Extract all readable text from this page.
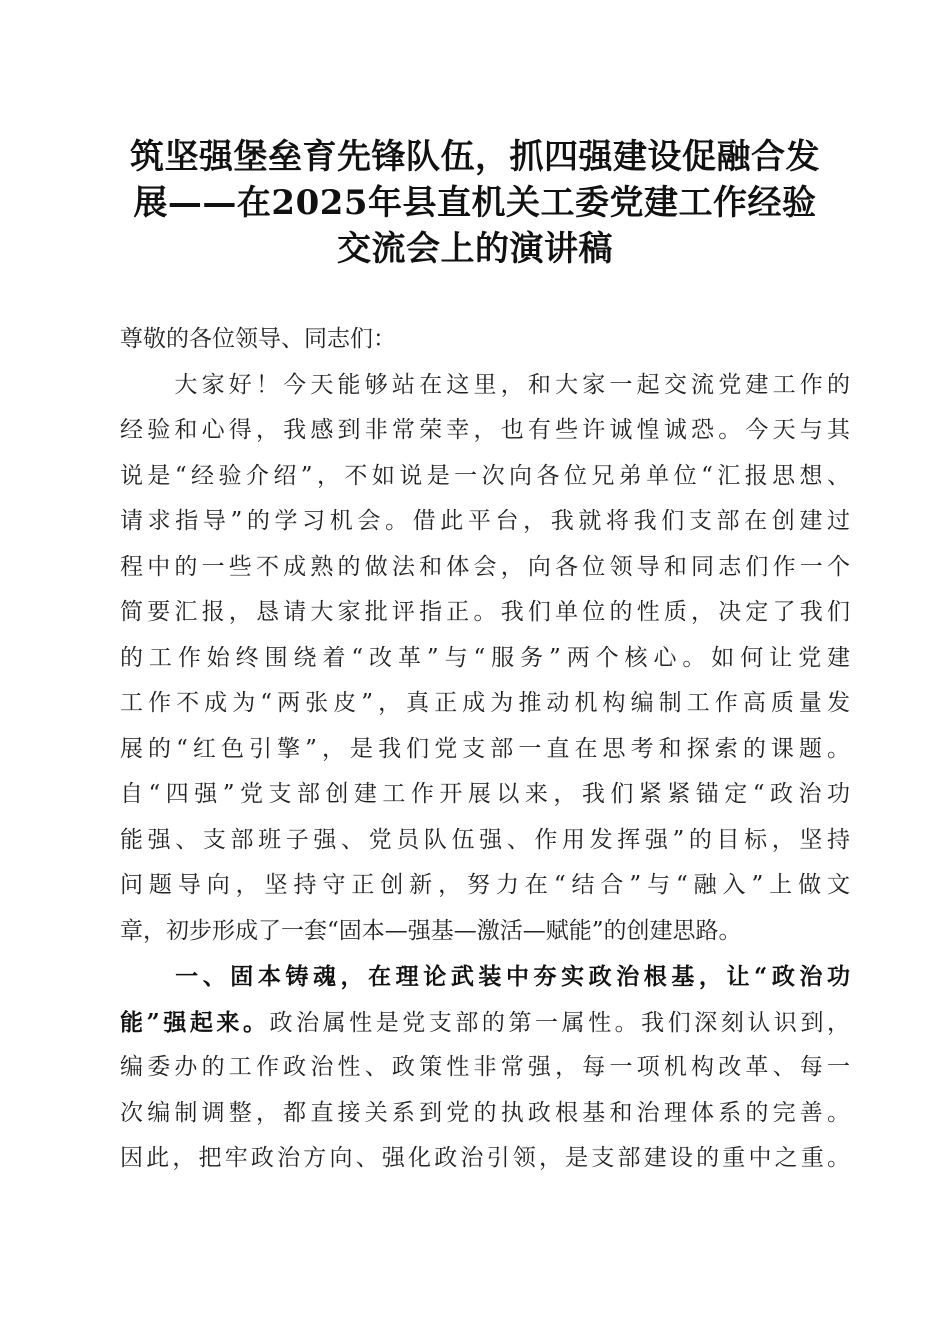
筑坚强堡垒育先锋队伍，抓四强建设促融合发
展——在2025年县直机关工委党建工作经验
交流会上的演讲稿
尊敬的各位领导、同志们：
　　大家好！今天能够站在这里，和大家一起交流党建工作的
经验和心得，我感到非常荣幸，也有些许诚惶诚恐。今天与其
说是“经验介绍”，不如说是一次向各位兄弟单位“汇报思想、
请求指导”的学习机会。借此平台，我就将我们支部在创建过
程中的一些不成熟的做法和体会，向各位领导和同志们作一个
简要汇报，恳请大家批评指正。我们单位的性质，决定了我们
的工作始终围绕着“改革”与“服务”两个核心。如何让党建
工作不成为“两张皮”，真正成为推动机构编制工作高质量发
展的“红色引擎”，是我们党支部一直在思考和探索的课题。
自“四强”党支部创建工作开展以来，我们紧紧锚定“政治功
能强、支部班子强、党员队伍强、作用发挥强”的目标，坚持
问题导向，坚持守正创新，努力在“结合”与“融入”上做文
章，初步形成了一套“固本—强基—激活—赋能”的创建思路。
　　一、固本铸魂，在理论武装中夯实政治根基，让“政治功
能”强起来。政治属性是党支部的第一属性。我们深刻认识到，
编委办的工作政治性、政策性非常强，每一项机构改革、每一
次编制调整，都直接关系到党的执政根基和治理体系的完善。
因此，把牢政治方向、强化政治引领，是支部建设的重中之重。
